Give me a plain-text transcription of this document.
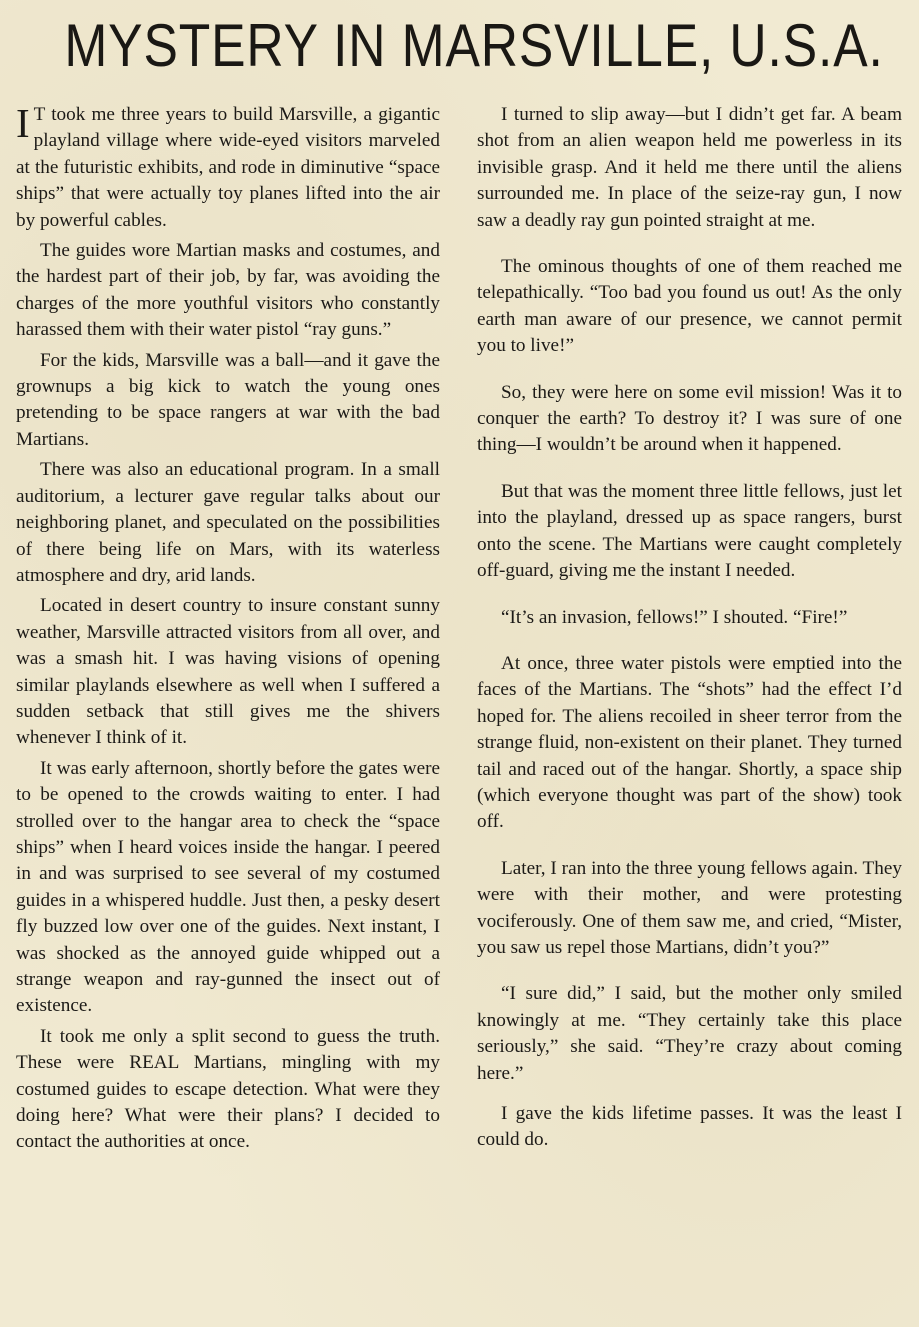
MYSTERY IN MARSVILLE, U.S.A.

I T took me three years to build Marsville, a gigantic playland village where wide-eyed visitors marveled at the futuristic exhibits, and rode in diminutive “space ships” that were actually toy planes lifted into the air by powerful cables.

The guides wore Martian masks and costumes, and the hardest part of their job, by far, was avoiding the charges of the more youthful visitors who constantly harassed them with their water pistol “ray guns.”

For the kids, Marsville was a ball—and it gave the grownups a big kick to watch the young ones pretending to be space rangers at war with the bad Martians.

There was also an educational program. In a small auditorium, a lecturer gave regular talks about our neighboring planet, and speculated on the possibilities of there being life on Mars, with its waterless atmosphere and dry, arid lands.

Located in desert country to insure constant sunny weather, Marsville attracted visitors from all over, and was a smash hit. I was having visions of opening similar playlands elsewhere as well when I suffered a sudden setback that still gives me the shivers whenever I think of it.

It was early afternoon, shortly before the gates were to be opened to the crowds waiting to enter. I had strolled over to the hangar area to check the “space ships” when I heard voices inside the hangar. I peered in and was surprised to see several of my costumed guides in a whispered huddle. Just then, a pesky desert fly buzzed low over one of the guides. Next instant, I was shocked as the annoyed guide whipped out a strange weapon and ray-gunned the insect out of existence.

It took me only a split second to guess the truth. These were REAL Martians, mingling with my costumed guides to escape detection. What were they doing here? What were their plans? I decided to contact the authorities at once.

I turned to slip away—but I didn’t get far. A beam shot from an alien weapon held me powerless in its invisible grasp. And it held me there until the aliens surrounded me. In place of the seize-ray gun, I now saw a deadly ray gun pointed straight at me.

The ominous thoughts of one of them reached me telepathically. “Too bad you found us out! As the only earth man aware of our presence, we cannot permit you to live!”

So, they were here on some evil mission! Was it to conquer the earth? To destroy it? I was sure of one thing—I wouldn’t be around when it happened.

But that was the moment three little fellows, just let into the playland, dressed up as space rangers, burst onto the scene. The Martians were caught completely off-guard, giving me the instant I needed.

“It’s an invasion, fellows!” I shouted. “Fire!”

At once, three water pistols were emptied into the faces of the Martians. The “shots” had the effect I’d hoped for. The aliens recoiled in sheer terror from the strange fluid, non-existent on their planet. They turned tail and raced out of the hangar. Shortly, a space ship (which everyone thought was part of the show) took off.

Later, I ran into the three young fellows again. They were with their mother, and were protesting vociferously. One of them saw me, and cried, “Mister, you saw us repel those Martians, didn’t you?”

“I sure did,” I said, but the mother only smiled knowingly at me. “They certainly take this place seriously,” she said. “They’re crazy about coming here.”

I gave the kids lifetime passes. It was the least I could do.
